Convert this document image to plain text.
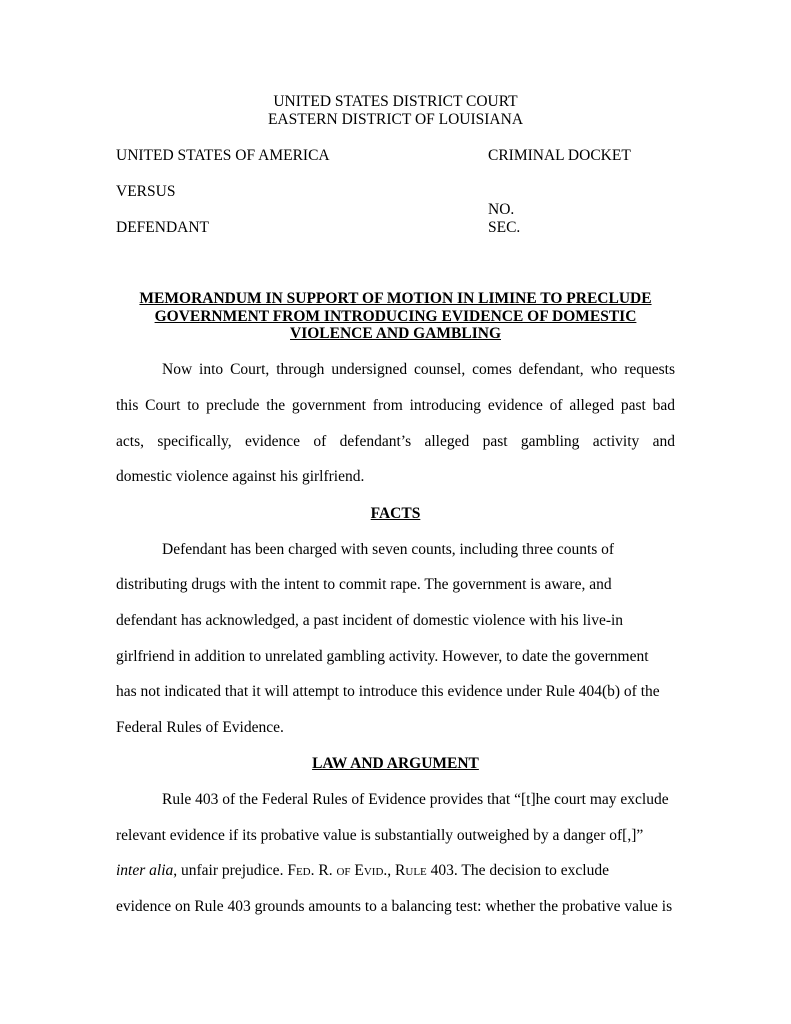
UNITED STATES DISTRICT COURT
EASTERN DISTRICT OF LOUISIANA
UNITED STATES OF AMERICA
VERSUS
DEFENDANT
CRIMINAL DOCKET
NO.
SEC.
MEMORANDUM IN SUPPORT OF MOTION IN LIMINE TO PRECLUDE
GOVERNMENT FROM INTRODUCING EVIDENCE OF DOMESTIC
VIOLENCE AND GAMBLING
Now into Court, through undersigned counsel, comes defendant, who requests
this Court to preclude the government from introducing evidence of alleged past bad
acts, specifically, evidence of defendant’s alleged past gambling activity and
domestic violence against his girlfriend.
FACTS
Defendant has been charged with seven counts, including three counts of
distributing drugs with the intent to commit rape. The government is aware, and
defendant has acknowledged, a past incident of domestic violence with his live-in
girlfriend in addition to unrelated gambling activity. However, to date the government
has not indicated that it will attempt to introduce this evidence under Rule 404(b) of the
Federal Rules of Evidence.
LAW AND ARGUMENT
Rule 403 of the Federal Rules of Evidence provides that “[t]he court may exclude
relevant evidence if its probative value is substantially outweighed by a danger of[,]”
inter alia, unfair prejudice. Fed. R. of Evid., Rule 403. The decision to exclude
evidence on Rule 403 grounds amounts to a balancing test: whether the probative value is
